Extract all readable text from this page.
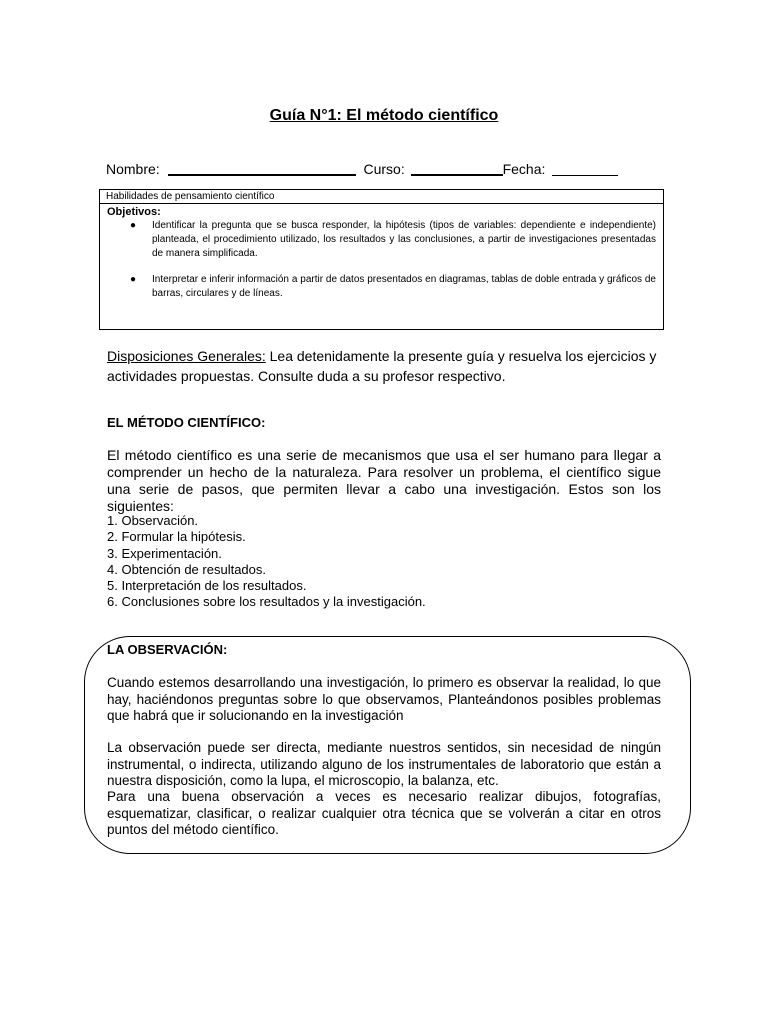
Guía N°1: El método científico
Nombre:	Curso:	Fecha:
Habilidades de pensamiento científico
Objetivos:
● Identificar la pregunta que se busca responder, la hipótesis (tipos de variables: dependiente e independiente) planteada, el procedimiento utilizado, los resultados y las conclusiones, a partir de investigaciones presentadas de manera simplificada.
● Interpretar e inferir información a partir de datos presentados en diagramas, tablas de doble entrada y gráficos de barras, circulares y de líneas.
Disposiciones Generales: Lea detenidamente la presente guía y resuelva los ejercicios y actividades propuestas. Consulte duda a su profesor respectivo.
EL MÉTODO CIENTÍFICO:
El método científico es una serie de mecanismos que usa el ser humano para llegar a comprender un hecho de la naturaleza. Para resolver un problema, el científico sigue una serie de pasos, que permiten llevar a cabo una investigación. Estos son los siguientes:
1. Observación.
2. Formular la hipótesis.
3. Experimentación.
4. Obtención de resultados.
5. Interpretación de los resultados.
6. Conclusiones sobre los resultados y la investigación.
LA OBSERVACIÓN:

Cuando estemos desarrollando una investigación, lo primero es observar la realidad, lo que hay, haciéndonos preguntas sobre lo que observamos, Planteándonos posibles problemas que habrá que ir solucionando en la investigación

La observación puede ser directa, mediante nuestros sentidos, sin necesidad de ningún instrumental, o indirecta, utilizando alguno de los instrumentales de laboratorio que están a nuestra disposición, como la lupa, el microscopio, la balanza, etc.

Para una buena observación a veces es necesario realizar dibujos, fotografías, esquematizar, clasificar, o realizar cualquier otra técnica que se volverán a citar en otros puntos del método científico.
